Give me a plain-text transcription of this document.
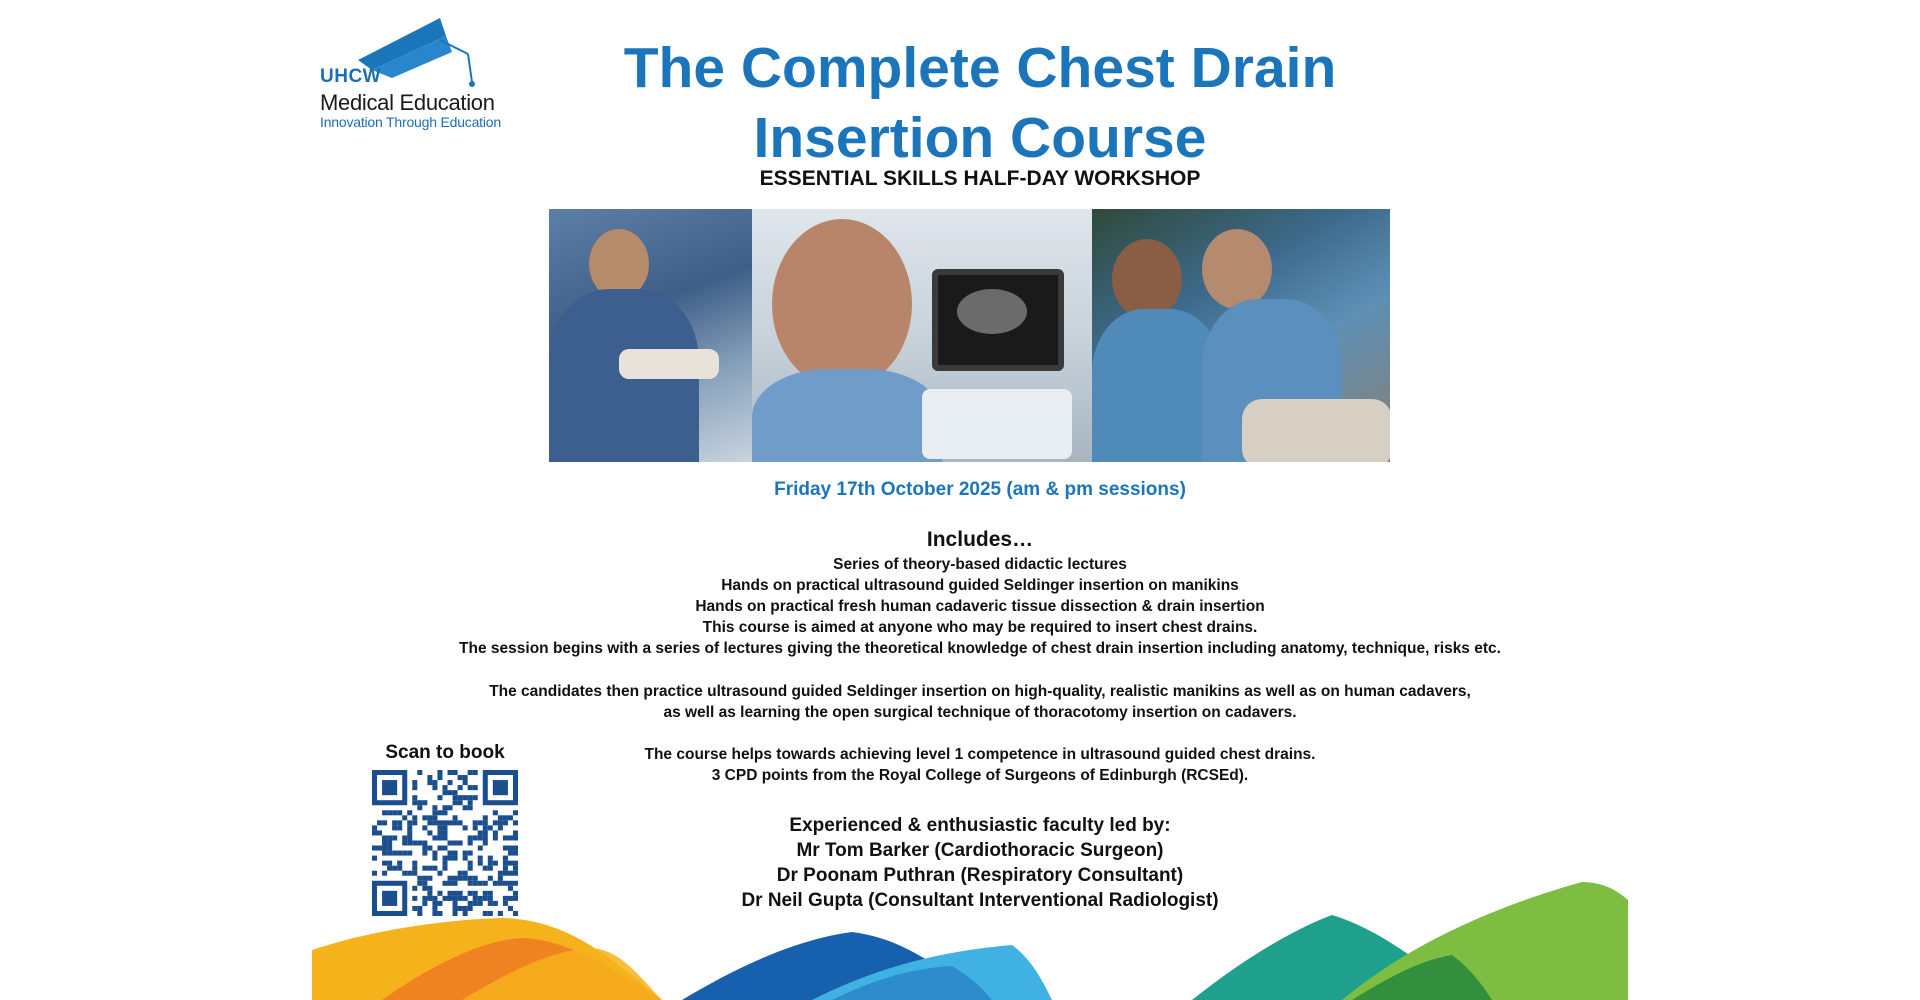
UHCW
Medical Education
Innovation Through Education
The Complete Chest Drain
Insertion Course
ESSENTIAL SKILLS HALF-DAY WORKSHOP
Friday 17th October 2025 (am & pm sessions)
Includes…
Series of theory-based didactic lectures
Hands on practical ultrasound guided Seldinger insertion on manikins
Hands on practical fresh human cadaveric tissue dissection & drain insertion
This course is aimed at anyone who may be required to insert chest drains.
The session begins with a series of lectures giving the theoretical knowledge of chest drain insertion including anatomy, technique, risks etc.
The candidates then practice ultrasound guided Seldinger insertion on high-quality, realistic manikins as well as on human cadavers,
as well as learning the open surgical technique of thoracotomy insertion on cadavers.
The course helps towards achieving level 1 competence in ultrasound guided chest drains.
3 CPD points from the Royal College of Surgeons of Edinburgh (RCSEd).
Scan to book
Experienced & enthusiastic faculty led by:
Mr Tom Barker (Cardiothoracic Surgeon)
Dr Poonam Puthran (Respiratory Consultant)
Dr Neil Gupta (Consultant Interventional Radiologist)
